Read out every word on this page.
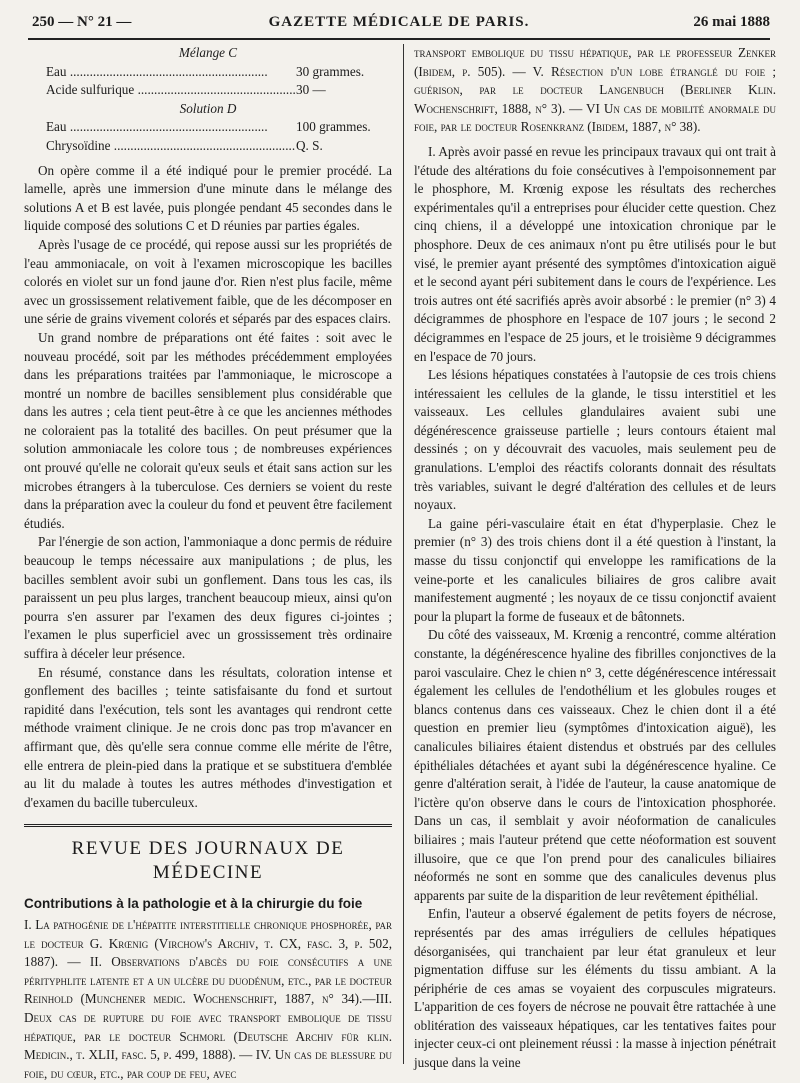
250 — N° 21 —	GAZETTE MÉDICALE DE PARIS.	26 mai 1888

Mélange C

Eau .....	30 grammes.
Acide sulfurique .....	30 —

Solution D

Eau .....	100 grammes.
Chrysoïdine .....	Q. S.

On opère comme il a été indiqué pour le premier procédé. La lamelle, après une immersion d'une minute dans le mélange des solutions A et B est lavée, puis plongée pendant 45 secondes dans le liquide composé des solutions C et D réunies par parties égales.

Après l'usage de ce procédé, qui repose aussi sur les propriétés de l'eau ammoniacale, on voit à l'examen microscopique les bacilles colorés en violet sur un fond jaune d'or. Rien n'est plus facile, même avec un grossissement relativement faible, que de les décomposer en une série de grains vivement colorés et séparés par des espaces clairs.

Un grand nombre de préparations ont été faites : soit avec le nouveau procédé, soit par les méthodes précédemment employées dans les préparations traitées par l'ammoniaque, le microscope a montré un nombre de bacilles sensiblement plus considérable que dans les autres ; cela tient peut-être à ce que les anciennes méthodes ne coloraient pas la totalité des bacilles. On peut présumer que la solution ammoniacale les colore tous ; de nombreuses expériences ont prouvé qu'elle ne colorait qu'eux seuls et était sans action sur les microbes étrangers à la tuberculose. Ces derniers se voient du reste dans la préparation avec la couleur du fond et peuvent être facilement étudiés.

Par l'énergie de son action, l'ammoniaque a donc permis de réduire beaucoup le temps nécessaire aux manipulations ; de plus, les bacilles semblent avoir subi un gonflement. Dans tous les cas, ils paraissent un peu plus larges, tranchent beaucoup mieux, ainsi qu'on pourra s'en assurer par l'examen des deux figures ci-jointes ; l'examen le plus superficiel avec un grossissement très ordinaire suffira à déceler leur présence.

En résumé, constance dans les résultats, coloration intense et gonflement des bacilles ; teinte satisfaisante du fond et surtout rapidité dans l'exécution, tels sont les avantages qui rendront cette méthode vraiment clinique. Je ne crois donc pas trop m'avancer en affirmant que, dès qu'elle sera connue comme elle mérite de l'être, elle entrera de plein-pied dans la pratique et se substituera d'emblée au lit du malade à toutes les autres méthodes d'investigation et d'examen du bacille tuberculeux.

REVUE DES JOURNAUX DE MÉDECINE

Contributions à la pathologie et à la chirurgie du foie

I. La pathogénie de l'hépatite interstitielle chronique phosphorée, par le docteur G. Krœnig (Virchow's Archiv, t. CX, fasc. 3, p. 502, 1887). — II. Observations d'abcès du foie consécutifs a une pérityphlite latente et a un ulcère du duodénum, etc., par le docteur Reinhold (Munchener medic. Wochenschrift, 1887, n° 34).—III. Deux cas de rupture du foie avec transport embolique de tissu hépatique, par le docteur Schmorl (Deutsche Archiv für klin. Medicin., t. XLII, fasc. 5, p. 499, 1888). — IV. Un cas de blessure du foie, du cœur, etc., par coup de feu, avec

transport embolique du tissu hépatique, par le professeur Zenker (Ibidem, p. 505). — V. Résection d'un lobe étranglé du foie ; guérison, par le docteur Langenbuch (Berliner Klin. Wochenschrift, 1888, n° 3). — VI Un cas de mobilité anormale du foie, par le docteur Rosenkranz (Ibidem, 1887, n° 38).

I. Après avoir passé en revue les principaux travaux qui ont trait à l'étude des altérations du foie consécutives à l'empoisonnement par le phosphore, M. Krœnig expose les résultats des recherches expérimentales qu'il a entreprises pour élucider cette question. Chez cinq chiens, il a développé une intoxication chronique par le phosphore. Deux de ces animaux n'ont pu être utilisés pour le but visé, le premier ayant présenté des symptômes d'intoxication aiguë et le second ayant péri subitement dans le cours de l'expérience. Les trois autres ont été sacrifiés après avoir absorbé : le premier (n° 3) 4 décigrammes de phosphore en l'espace de 107 jours ; le second 2 décigrammes en l'espace de 25 jours, et le troisième 9 décigrammes en l'espace de 70 jours.

Les lésions hépatiques constatées à l'autopsie de ces trois chiens intéressaient les cellules de la glande, le tissu interstitiel et les vaisseaux. Les cellules glandulaires avaient subi une dégénérescence graisseuse partielle ; leurs contours étaient mal dessinés ; on y découvrait des vacuoles, mais seulement peu de granulations. L'emploi des réactifs colorants donnait des résultats très variables, suivant le degré d'altération des cellules et de leurs noyaux.

La gaine péri-vasculaire était en état d'hyperplasie. Chez le premier (n° 3) des trois chiens dont il a été question à l'instant, la masse du tissu conjonctif qui enveloppe les ramifications de la veine-porte et les canalicules biliaires de gros calibre avait manifestement augmenté ; les noyaux de ce tissu conjonctif avaient pour la plupart la forme de fuseaux et de bâtonnets.

Du côté des vaisseaux, M. Krœnig a rencontré, comme altération constante, la dégénérescence hyaline des fibrilles conjonctives de la paroi vasculaire. Chez le chien n° 3, cette dégénérescence intéressait également les cellules de l'endothélium et les globules rouges et blancs contenus dans ces vaisseaux. Chez le chien dont il a été question en premier lieu (symptômes d'intoxication aiguë), les canalicules biliaires étaient distendus et obstrués par des cellules épithéliales détachées et ayant subi la dégénérescence hyaline. Ce genre d'altération serait, à l'idée de l'auteur, la cause anatomique de l'ictère qu'on observe dans le cours de l'intoxication phosphorée. Dans un cas, il semblait y avoir néoformation de canalicules biliaires ; mais l'auteur prétend que cette néoformation est souvent illusoire, que ce que l'on prend pour des canalicules biliaires néoformés ne sont en somme que des canalicules devenus plus apparents par suite de la disparition de leur revêtement épithélial.

Enfin, l'auteur a observé également de petits foyers de nécrose, représentés par des amas irréguliers de cellules hépatiques désorganisées, qui tranchaient par leur état granuleux et leur pigmentation diffuse sur les éléments du tissu ambiant. A la périphérie de ces amas se voyaient des corpuscules migrateurs. L'apparition de ces foyers de nécrose ne pouvait être rattachée à une oblitération des vaisseaux hépatiques, car les tentatives faites pour injecter ceux-ci ont pleinement réussi : la masse à injection pénétrait jusque dans la veine
